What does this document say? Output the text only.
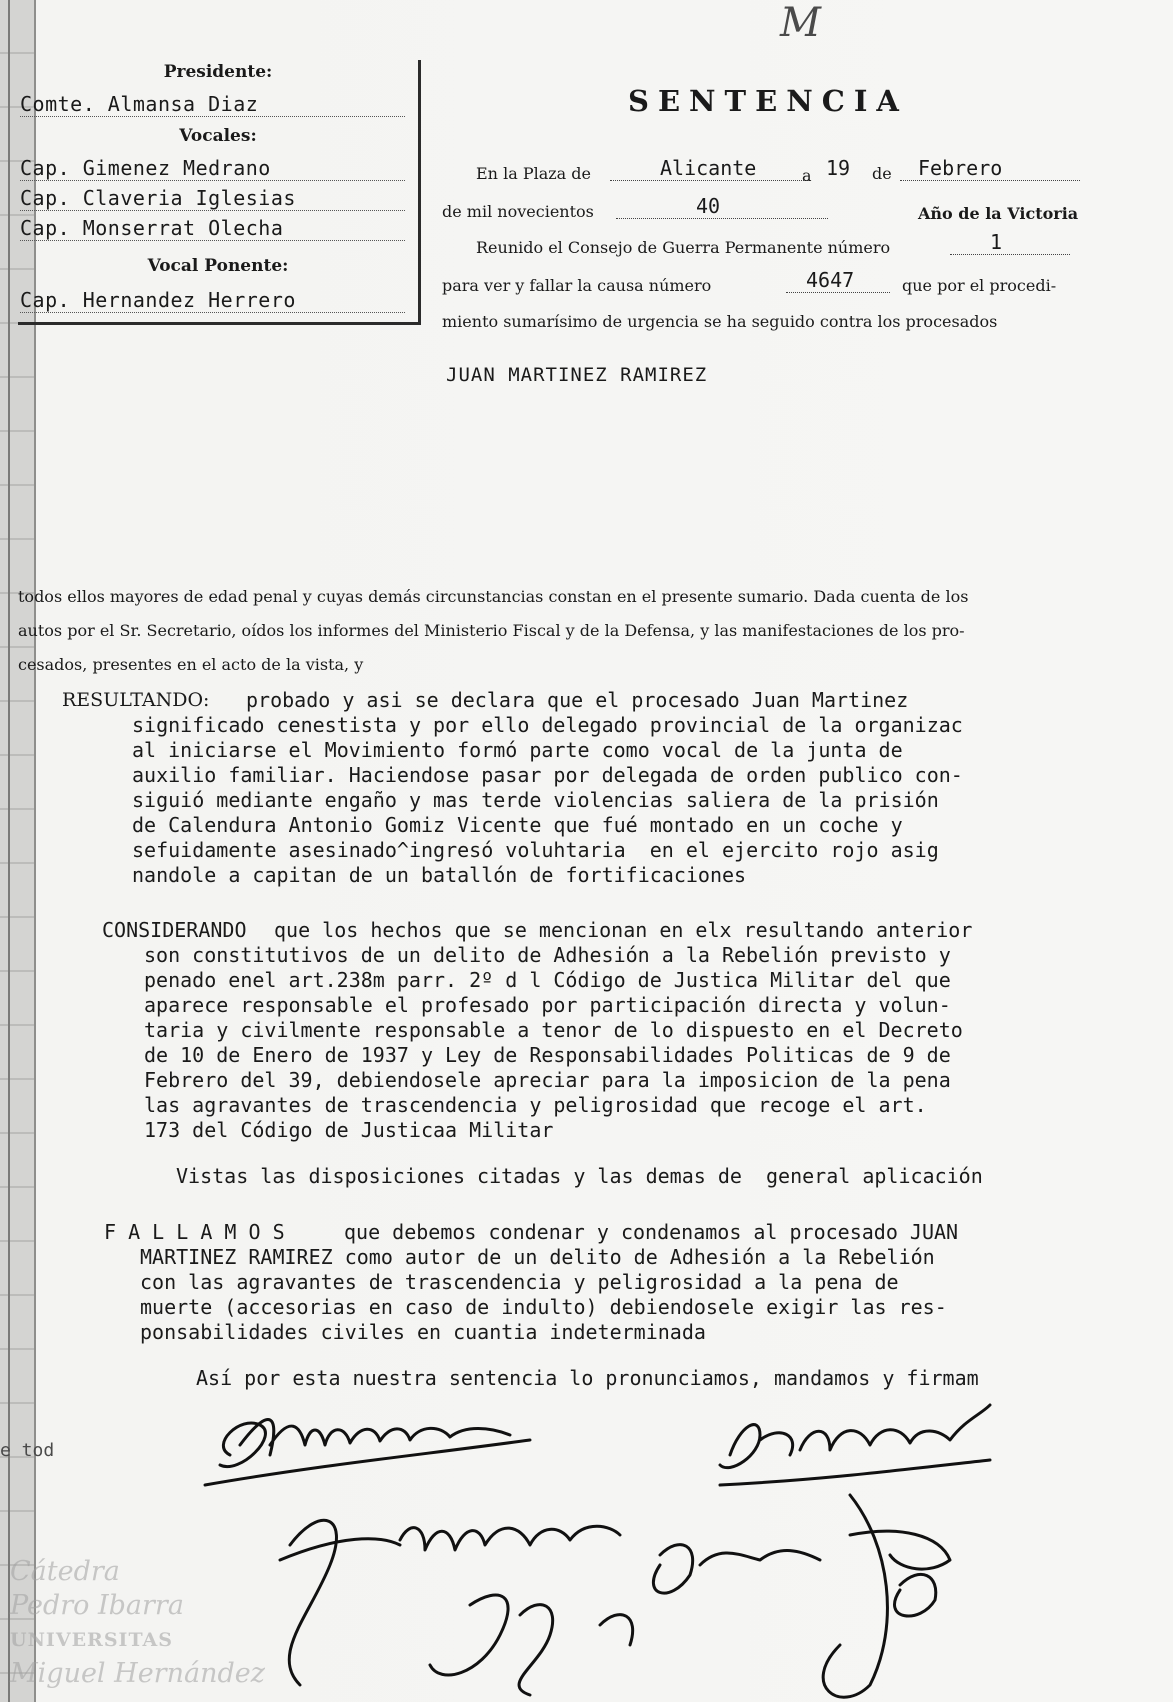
M
e tod
Presidente:
Comte. Almansa Diaz
Vocales:
Cap. Gimenez Medrano
Cap. Claveria Iglesias
Cap. Monserrat Olecha
Vocal Ponente:
Cap. Hernandez Herrero
SENTENCIA
En la Plaza de	Alicante	a 19 de Febrero
de mil novecientos	40	Año de la Victoria
Reunido el Consejo de Guerra Permanente número	1
para ver y fallar la causa número	4647	que por el procedi-
miento sumarísimo de urgencia se ha seguido contra los procesados
JUAN MARTINEZ RAMIREZ
todos ellos mayores de edad penal y cuyas demás circunstancias constan en el presente sumario. Dada cuenta de los
autos por el Sr. Secretario, oídos los informes del Ministerio Fiscal y de la Defensa, y las manifestaciones de los pro-
cesados, presentes en el acto de la vista, y
RESULTANDO: probado y asi se declara que el procesado Juan Martinez
significado cenestista y por ello delegado provincial de la organizac
al iniciarse el Movimiento formó parte como vocal de la junta de
auxilio familiar. Haciendose pasar por delegada de orden publico con-
siguió mediante engaño y mas terde violencias saliera de la prisión
de Calendura Antonio Gomiz Vicente que fué montado en un coche y
sefuidamente asesinado^ingresó voluhtaria  en el ejercito rojo asig
nandole a capitan de un batallón de fortificaciones
CONSIDERANDO que los hechos que se mencionan en elx resultando anterior
son constitutivos de un delito de Adhesión a la Rebelión previsto y
penado enel art.238m parr. 2º d l Código de Justica Militar del que
aparece responsable el profesado por participación directa y volun-
taria y civilmente responsable a tenor de lo dispuesto en el Decreto
de 10 de Enero de 1937 y Ley de Responsabilidades Politicas de 9 de
Febrero del 39, debiendosele apreciar para la imposicion de la pena
las agravantes de trascendencia y peligrosidad que recoge el art.
173 del Código de Justicaa Militar
Vistas las disposiciones citadas y las demas de  general aplicación
F A L L A M O S	que debemos condenar y condenamos al procesado JUAN
MARTINEZ RAMIREZ como autor de un delito de Adhesión a la Rebelión
con las agravantes de trascendencia y peligrosidad a la pena de
muerte (accesorias en caso de indulto) debiendosele exigir las res-
ponsabilidades civiles en cuantia indeterminada
Así por esta nuestra sentencia lo pronunciamos, mandamos y firmam
Cátedra
Pedro Ibarra
UNIVERSITAS
Miguel Hernández
